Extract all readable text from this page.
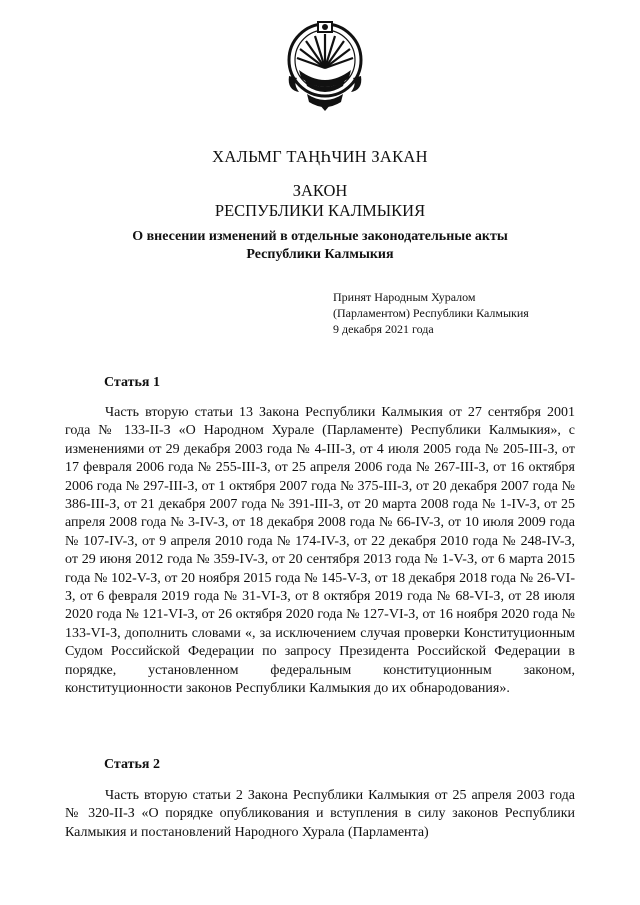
ХАЛЬМГ ТАҢҺЧИН ЗАКАН
ЗАКОН
РЕСПУБЛИКИ КАЛМЫКИЯ
О внесении изменений в отдельные законодательные акты
Республики Калмыкия
Принят Народным Хуралом
(Парламентом) Республики Калмыкия
9 декабря 2021 года
Статья 1

Часть вторую статьи 13 Закона Республики Калмыкия от 27 сентября 2001 года № 133-II-З «О Народном Хурале (Парламенте) Республики Калмыкия», с изменениями от 29 декабря 2003 года № 4-III-З, от 4 июля 2005 года № 205-III-З, от 17 февраля 2006 года № 255-III-З, от 25 апреля 2006 года № 267-III-З, от 16 октября 2006 года № 297-III-З, от 1 октября 2007 года № 375-III-З, от 20 декабря 2007 года № 386-III-З, от 21 декабря 2007 года № 391-III-З, от 20 марта 2008 года № 1-IV-З, от 25 апреля 2008 года № 3-IV-З, от 18 декабря 2008 года № 66-IV-З, от 10 июля 2009 года № 107-IV-З, от 9 апреля 2010 года № 174-IV-З, от 22 декабря 2010 года № 248-IV-З, от 29 июня 2012 года № 359-IV-З, от 20 сентября 2013 года № 1-V-З, от 6 марта 2015 года № 102-V-З, от 20 ноября 2015 года № 145-V-З, от 18 декабря 2018 года № 26-VI-З, от 6 февраля 2019 года № 31-VI-З, от 8 октября 2019 года № 68-VI-З, от 28 июля 2020 года № 121-VI-З, от 26 октября 2020 года № 127-VI-З, от 16 ноября 2020 года № 133-VI-З, дополнить словами «, за исключением случая проверки Конституционным Судом Российской Федерации по запросу Президента Российской Федерации в порядке, установленном федеральным конституционным законом, конституционности законов Республики Калмыкия до их обнародования».

Статья 2

Часть вторую статьи 2 Закона Республики Калмыкия от 25 апреля 2003 года № 320-II-З «О порядке опубликования и вступления в силу законов Республики Калмыкия и постановлений Народного Хурала (Парламента)
